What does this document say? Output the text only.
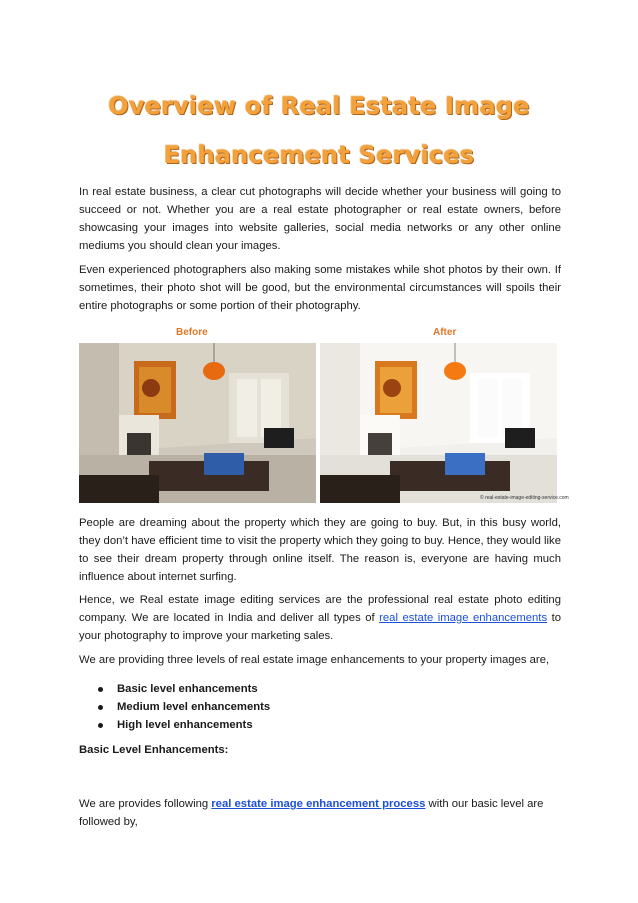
Overview of Real Estate Image
Enhancement Services

In real estate business, a clear cut photographs will decide whether your business will going to succeed or not. Whether you are a real estate photographer or real estate owners, before showcasing your images into website galleries, social media networks or any other online mediums you should clean your images.

Even experienced photographers also making some mistakes while shot photos by their own. If sometimes, their photo shot will be good, but the environmental circumstances will spoils their entire photographs or some portion of their photography.

Before	After
© real-estate-image-editing-service.com

People are dreaming about the property which they are going to buy. But, in this busy world, they don’t have efficient time to visit the property which they going to buy. Hence, they would like to see their dream property through online itself. The reason is, everyone are having much influence about internet surfing.

Hence, we Real estate image editing services are the professional real estate photo editing company. We are located in India and deliver all types of real estate image enhancements to your photography to improve your marketing sales.

We are providing three levels of real estate image enhancements to your property images are,

Basic level enhancements
Medium level enhancements
High level enhancements
Basic Level Enhancements:

We are provides following real estate image enhancement process with our basic level are followed by,
